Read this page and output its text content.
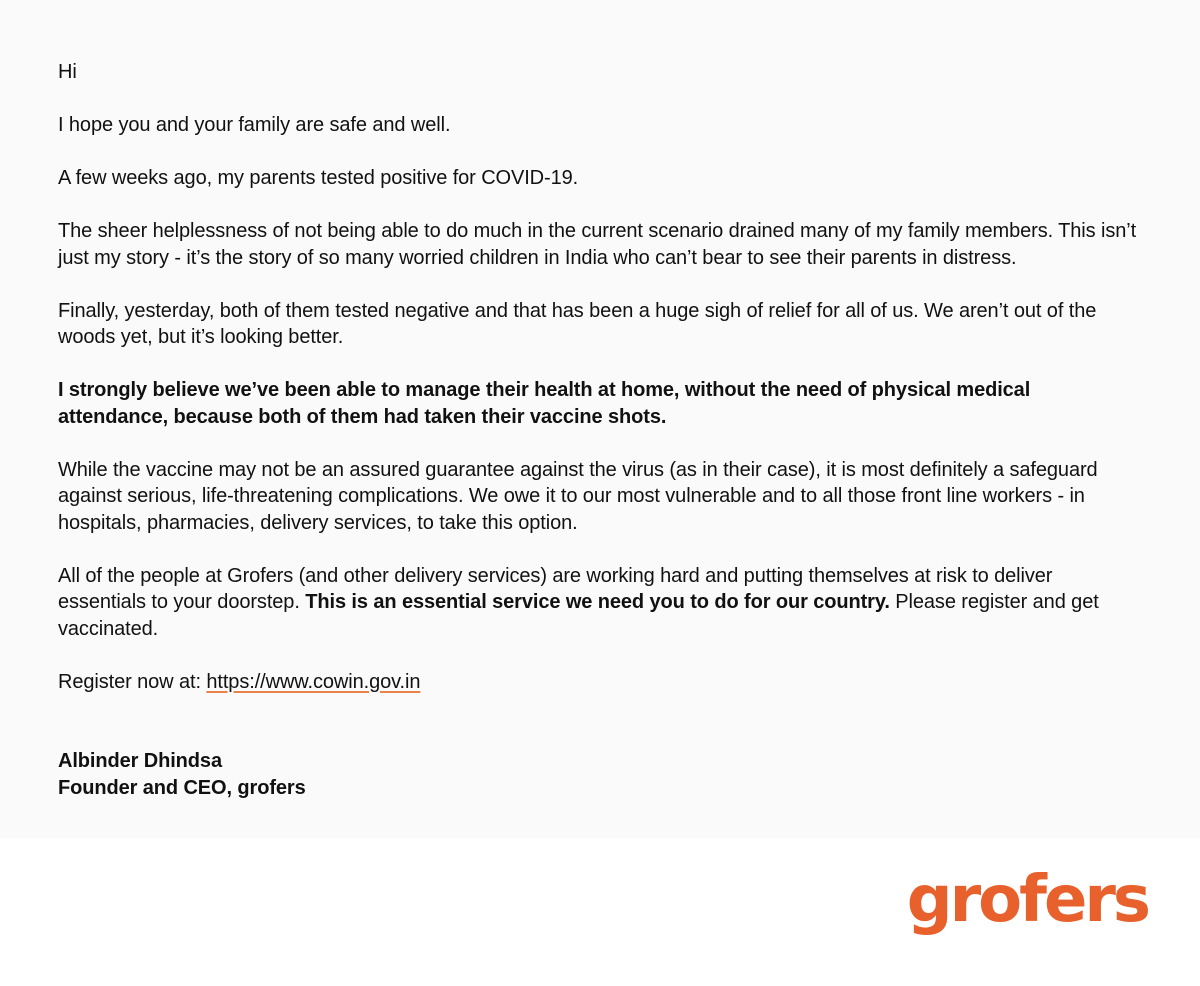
Hi

I hope you and your family are safe and well.

A few weeks ago, my parents tested positive for COVID-19.

The sheer helplessness of not being able to do much in the current scenario drained many of my family members. This isn’t just my story - it’s the story of so many worried children in India who can’t bear to see their parents in distress.

Finally, yesterday, both of them tested negative and that has been a huge sigh of relief for all of us. We aren’t out of the woods yet, but it’s looking better.

I strongly believe we’ve been able to manage their health at home, without the need of physical medical attendance, because both of them had taken their vaccine shots.

While the vaccine may not be an assured guarantee against the virus (as in their case), it is most definitely a safeguard against serious, life-threatening complications. We owe it to our most vulnerable and to all those front line workers - in hospitals, pharmacies, delivery services, to take this option.

All of the people at Grofers (and other delivery services) are working hard and putting themselves at risk to deliver essentials to your doorstep. This is an essential service we need you to do for our country. Please register and get vaccinated.

Register now at: https://www.cowin.gov.in

Albinder Dhindsa
Founder and CEO, grofers
grofers
